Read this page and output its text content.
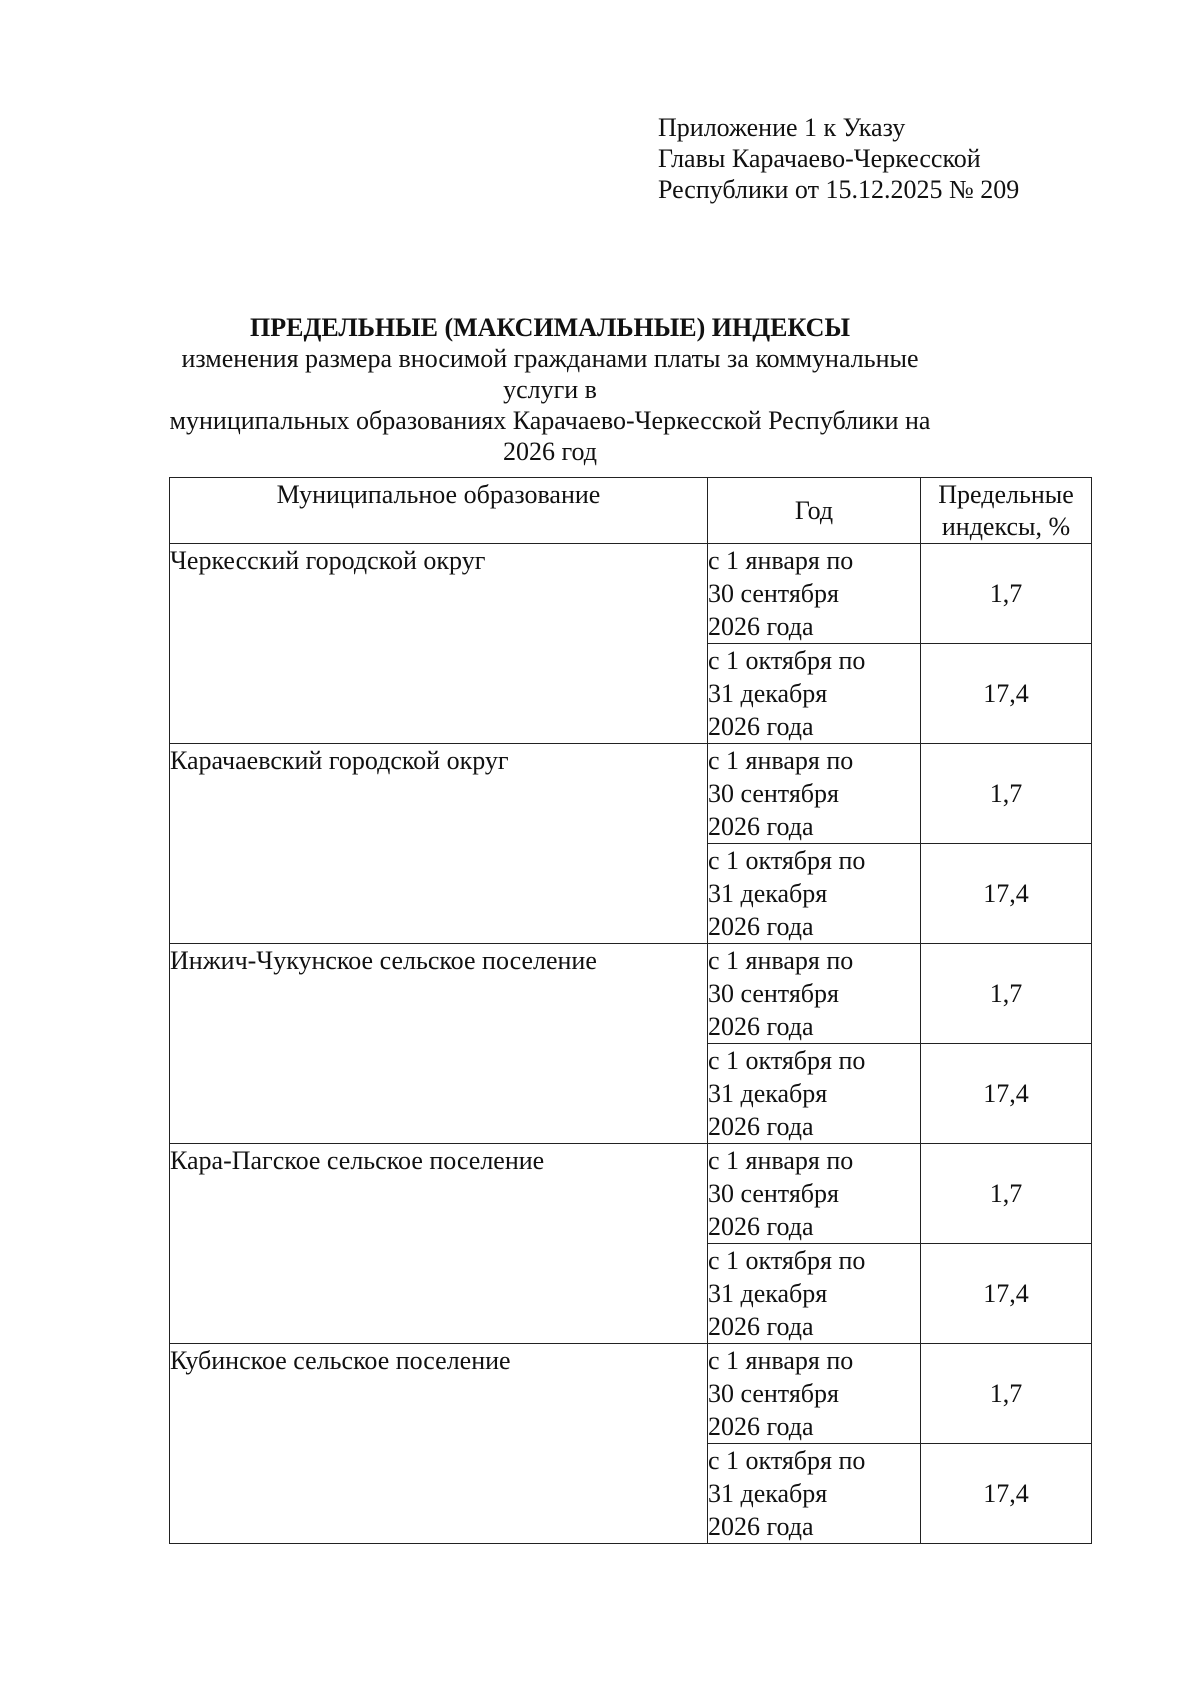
Приложение 1 к Указу
Главы Карачаево-Черкесской
Республики от 15.12.2025 № 209
ПРЕДЕЛЬНЫЕ (МАКСИМАЛЬНЫЕ) ИНДЕКСЫ
изменения размера вносимой гражданами платы за коммунальные услуги в
муниципальных образованиях Карачаево-Черкесской Республики на
2026 год
Муниципальное образование	Год	Предельные
индексы, %
Черкесский городской округ	с 1 января по
30 сентября
2026 года	1,7

	с 1 октября по
31 декабря
2026 года	17,4
Карачаевский городской округ	с 1 января по
30 сентября
2026 года	1,7

	с 1 октября по
31 декабря
2026 года	17,4
Инжич-Чукунское сельское поселение	с 1 января по
30 сентября
2026 года	1,7

	с 1 октября по
31 декабря
2026 года	17,4
Кара-Пагское сельское поселение	с 1 января по
30 сентября
2026 года	1,7

	с 1 октября по
31 декабря
2026 года	17,4
Кубинское сельское поселение	с 1 января по
30 сентября
2026 года	1,7

	с 1 октября по
31 декабря
2026 года	17,4
